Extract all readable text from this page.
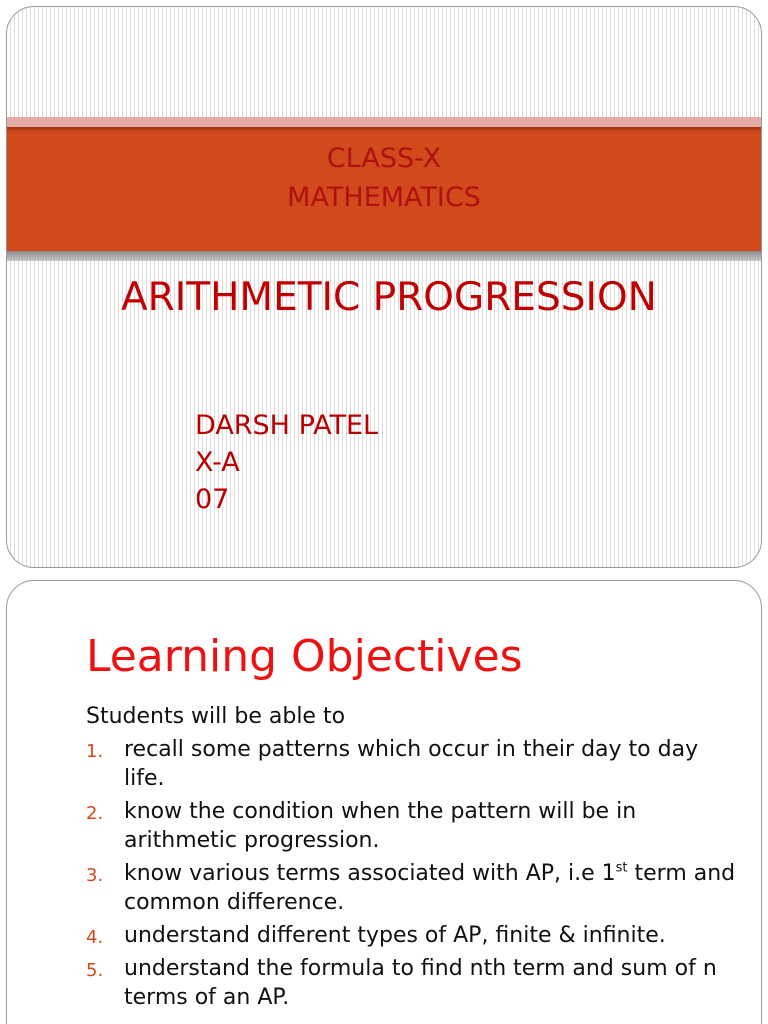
CLASS-X
MATHEMATICS
ARITHMETIC PROGRESSION
DARSH PATEL
X-A
07
Learning Objectives
Students will be able to
1. recall some patterns which occur in their day to day life.
2. know the condition when the pattern will be in arithmetic progression.
3. know various terms associated with AP, i.e 1st term and common difference.
4. understand different types of AP, finite & infinite.
5. understand the formula to find nth term and sum of n terms of an AP.
